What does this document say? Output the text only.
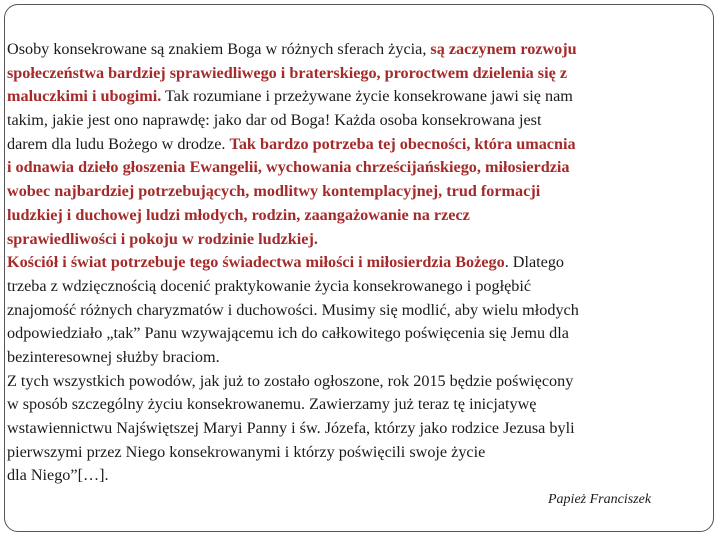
Osoby konsekrowane są znakiem Boga w różnych sferach życia, są zaczynem rozwoju
społeczeństwa bardziej sprawiedliwego i braterskiego, proroctwem dzielenia się z
maluczkimi i ubogimi. Tak rozumiane i przeżywane życie konsekrowane jawi się nam
takim, jakie jest ono naprawdę: jako dar od Boga! Każda osoba konsekrowana jest
darem dla ludu Bożego w drodze. Tak bardzo potrzeba tej obecności, która umacnia
i odnawia dzieło głoszenia Ewangelii, wychowania chrześcijańskiego, miłosierdzia
wobec najbardziej potrzebujących, modlitwy kontemplacyjnej, trud formacji
ludzkiej i duchowej ludzi młodych, rodzin, zaangażowanie na rzecz
sprawiedliwości i pokoju w rodzinie ludzkiej.
Kościół i świat potrzebuje tego świadectwa miłości i miłosierdzia Bożego. Dlatego
trzeba z wdzięcznością docenić praktykowanie życia konsekrowanego i pogłębić
znajomość różnych charyzmatów i duchowości. Musimy się modlić, aby wielu młodych
odpowiedziało „tak” Panu wzywającemu ich do całkowitego poświęcenia się Jemu dla
bezinteresownej służby braciom.
Z tych wszystkich powodów, jak już to zostało ogłoszone, rok 2015 będzie poświęcony
w sposób szczególny życiu konsekrowanemu. Zawierzamy już teraz tę inicjatywę
wstawiennictwu Najświętszej Maryi Panny i św. Józefa, którzy jako rodzice Jezusa byli
pierwszymi przez Niego konsekrowanymi i którzy poświęcili swoje życie
dla Niego”[…].
Papież Franciszek
